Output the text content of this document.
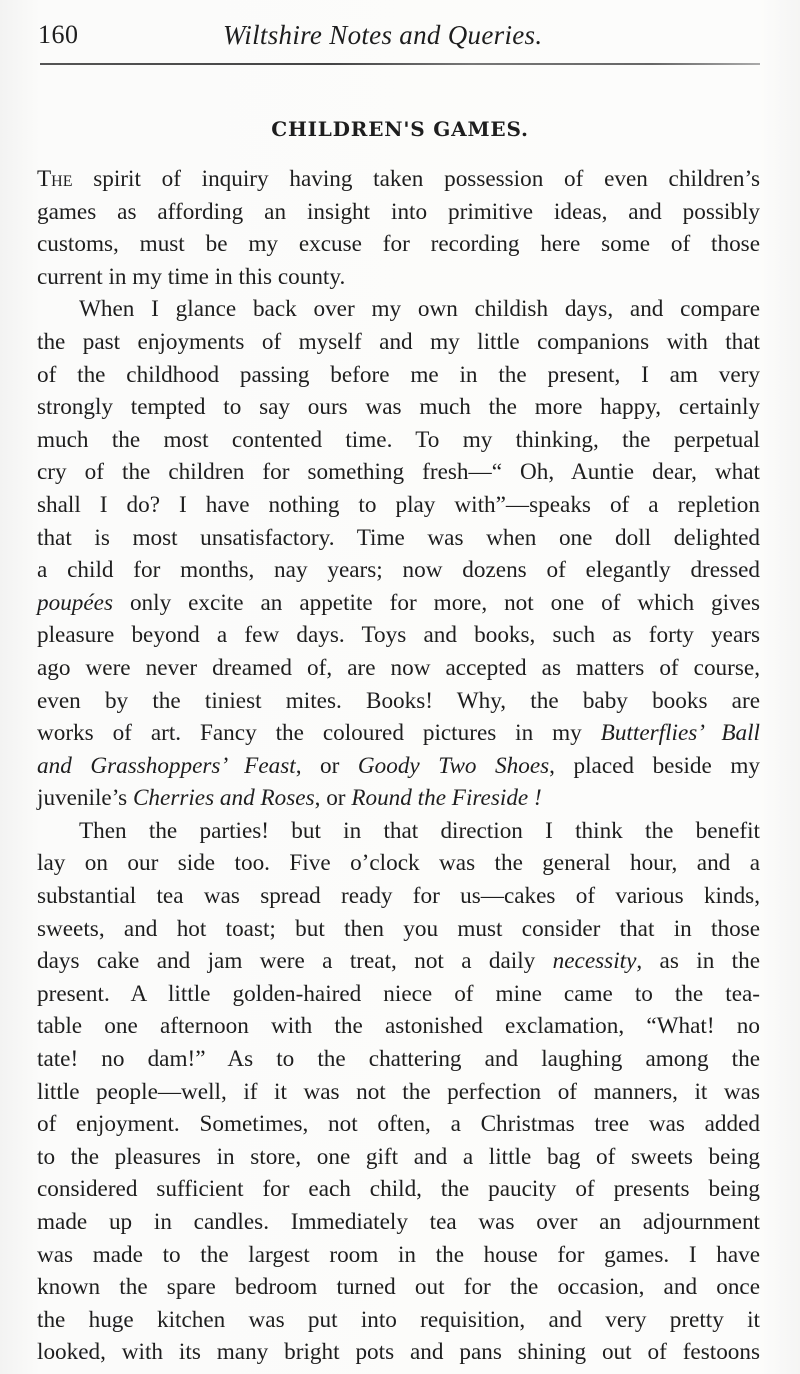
160	Wiltshire Notes and Queries.
CHILDREN'S GAMES.
The spirit of inquiry having taken possession of even children’s
games as affording an insight into primitive ideas, and possibly
customs, must be my excuse for recording here some of those
current in my time in this county.
When I glance back over my own childish days, and compare
the past enjoyments of myself and my little companions with that
of the childhood passing before me in the present, I am very
strongly tempted to say ours was much the more happy, certainly
much the most contented time. To my thinking, the perpetual
cry of the children for something fresh—“ Oh, Auntie dear, what
shall I do? I have nothing to play with”—speaks of a repletion
that is most unsatisfactory. Time was when one doll delighted
a child for months, nay years; now dozens of elegantly dressed
poupées only excite an appetite for more, not one of which gives
pleasure beyond a few days. Toys and books, such as forty years
ago were never dreamed of, are now accepted as matters of course,
even by the tiniest mites. Books! Why, the baby books are
works of art. Fancy the coloured pictures in my Butterflies’ Ball
and Grasshoppers’ Feast, or Goody Two Shoes, placed beside my
juvenile’s Cherries and Roses, or Round the Fireside !
Then the parties! but in that direction I think the benefit
lay on our side too. Five o’clock was the general hour, and a
substantial tea was spread ready for us—cakes of various kinds,
sweets, and hot toast; but then you must consider that in those
days cake and jam were a treat, not a daily necessity, as in the
present. A little golden-haired niece of mine came to the tea-
table one afternoon with the astonished exclamation, “What! no
tate! no dam!” As to the chattering and laughing among the
little people—well, if it was not the perfection of manners, it was
of enjoyment. Sometimes, not often, a Christmas tree was added
to the pleasures in store, one gift and a little bag of sweets being
considered sufficient for each child, the paucity of presents being
made up in candles. Immediately tea was over an adjournment
was made to the largest room in the house for games. I have
known the spare bedroom turned out for the occasion, and once
the huge kitchen was put into requisition, and very pretty it
looked, with its many bright pots and pans shining out of festoons
